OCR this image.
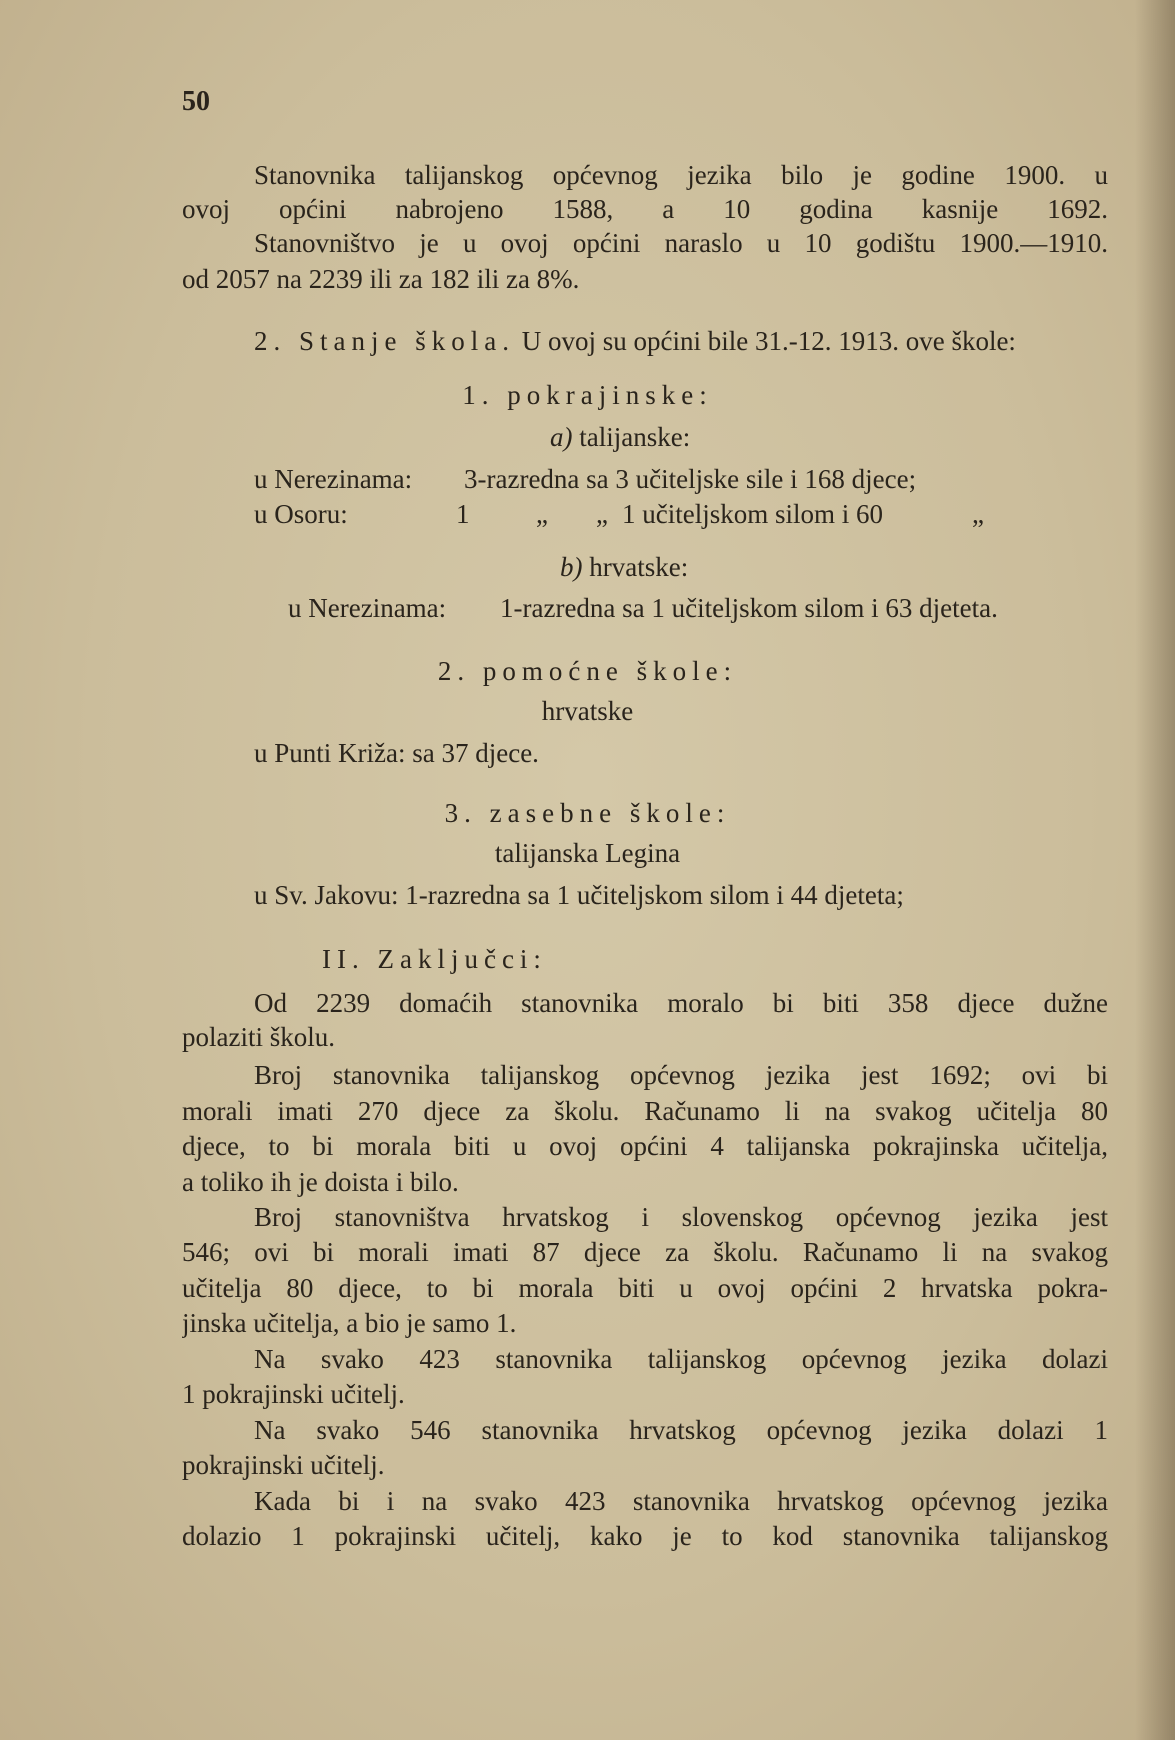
50
Stanovnika talijanskog općevnog jezika bilo je godine 1900. u
ovoj općini nabrojeno 1588, a 10 godina kasnije 1692.
Stanovništvo je u ovoj općini naraslo u 10 godištu 1900.—1910.
od 2057 na 2239 ili za 182 ili za 8%.
2. Stanje škola. U ovoj su općini bile 31.-12. 1913. ove škole:
1. pokrajinske:
a) talijanske:
u Nerezinama: 3-razredna sa 3 učiteljske sile i 168 djece;
u Osoru:	1 „ „ 1 učiteljskom silom i 60	„
b) hrvatske:
u Nerezinama: 1-razredna sa 1 učiteljskom silom i 63 djeteta.
2. pomoćne škole:
hrvatske
u Punti Križa: sa 37 djece.
3. zasebne škole:
talijanska Legina
u Sv. Jakovu: 1-razredna sa 1 učiteljskom silom i 44 djeteta;
II. Zaključci:
Od 2239 domaćih stanovnika moralo bi biti 358 djece dužne
polaziti školu.
Broj stanovnika talijanskog općevnog jezika jest 1692; ovi bi
morali imati 270 djece za školu. Računamo li na svakog učitelja 80
djece, to bi morala biti u ovoj općini 4 talijanska pokrajinska učitelja,
a toliko ih je doista i bilo.
Broj stanovništva hrvatskog i slovenskog općevnog jezika jest
546; ovi bi morali imati 87 djece za školu. Računamo li na svakog
učitelja 80 djece, to bi morala biti u ovoj općini 2 hrvatska pokra-
jinska učitelja, a bio je samo 1.
Na svako 423 stanovnika talijanskog općevnog jezika dolazi
1 pokrajinski učitelj.
Na svako 546 stanovnika hrvatskog općevnog jezika dolazi 1
pokrajinski učitelj.
Kada bi i na svako 423 stanovnika hrvatskog općevnog jezika
dolazio 1 pokrajinski učitelj, kako je to kod stanovnika talijanskog
